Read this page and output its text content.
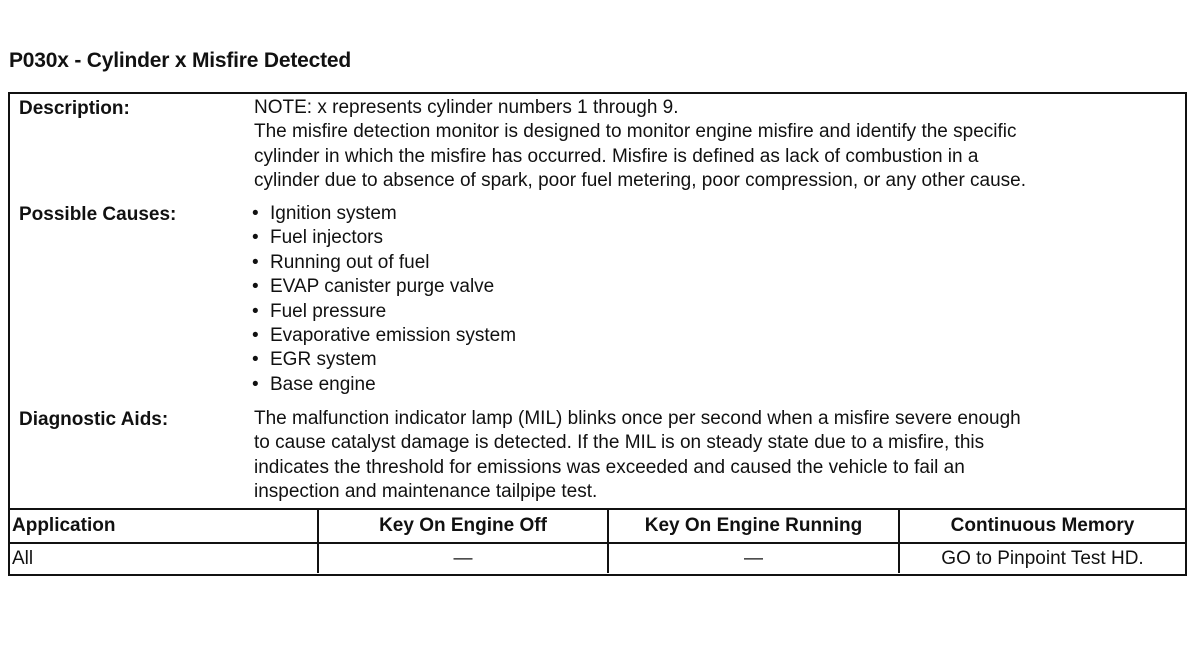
P030x - Cylinder x Misfire Detected
Description:	NOTE: x represents cylinder numbers 1 through 9.

The misfire detection monitor is designed to monitor engine misfire and identify the specific

cylinder in which the misfire has occurred. Misfire is defined as lack of combustion in a

cylinder due to absence of spark, poor fuel metering, poor compression, or any other cause.

Possible Causes:	• Ignition system
• Fuel injectors
• Running out of fuel
• EVAP canister purge valve
• Fuel pressure
• Evaporative emission system
• EGR system
• Base engine
Diagnostic Aids:	The malfunction indicator lamp (MIL) blinks once per second when a misfire severe enough

to cause catalyst damage is detected. If the MIL is on steady state due to a misfire, this

indicates the threshold for emissions was exceeded and caused the vehicle to fail an

inspection and maintenance tailpipe test.

Application	Key On Engine Off	Key On Engine Running	Continuous Memory
All	—	—	GO to Pinpoint Test HD.
